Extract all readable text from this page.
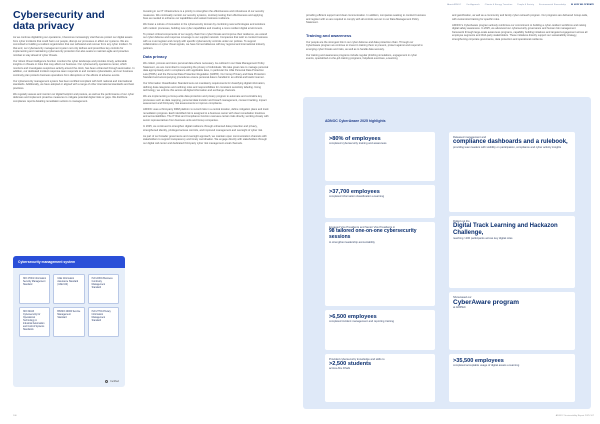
Cybersecurity and
data privacy

As we continue digitalizing our operations, it becomes increasingly vital that we protect our digital assets from cyber incidents that could harm our people, disrupt our processes or affect our systems. We are committed to building a resilient organization that can withstand and recover from any cyber incident. To that end, our cybersecurity management system not only defines and prescribes key controls for implementing and maintaining cybersecurity protection but also seeks to maintain agile and proactive mindset to stay ahead of cyber threats.

Our robust threat intelligence function monitors the cyber landscape and provides timely, actionable insights on threats or risks that may affect our business. Our cybersecurity operations center, which monitors and investigates suspicious activity around the clock, has been enhanced through automation. In addition, our dedicated incident response team responds to and contains cyberattacks, and our business continuity plan protects business operations from disruptions or the effects of adverse events.

Our cybersecurity management system has been certified compliant with both national and international standards. Additionally, we have adopted or aligned with a range of other international standards and best practices.

We regularly assess and monitor our digital footprint and posture, as well as the performance of our cyber defenses and implement proactive measures to mitigate potential digital risks or gaps. We distribute compliance reports detailing remediation actions to management.

Investing in our IT infrastructure is a priority to strengthen the effectiveness and robustness of our security measures. We continually monitor our security systems, routinely testing their effectiveness and applying fixes as needed to enhance our capabilities and sustain business resilience.

We foster a culture of innovation in the cybersecurity domain by combining new technologies and solutions with modern processes, building new cyber capabilities and creating a more resilient digital environment.

To protect critical components of our supply chain from cyber threats and improve their resilience, we extend our cyber defense and response coverage to our supplier network. Companies that wish to conduct business with us must register and comply with specific cybersecurity controls under our policies. To support collaboration on cyber threat signals, we have formed alliances with key regional and international industry partners.

Data privacy

We collect, process and store personal data where necessary. As outlined in our Data Management Policy Statement, we are committed to respecting the privacy of individuals. We take great care to manage personal data appropriately and in compliance with applicable laws, in particular the UAE Personal Data Protection Law (PDPL) and the Personal Data Protection Regulation (GDPR). Our Group Privacy and Data Protection Standard and accompanying procedures ensure personal data is handled in an ethical and lawful manner.

Our Information Classification Standard sets out mandatory requirements for classifying digital information, defining data categories and outlining roles and responsibilities for consistent sensitivity labeling. Using technology, we enforce this across all digital information and exchange channels.

We are implementing a Group-wide data protection and privacy program to automate and centralize key processes such as data mapping, personal data transfer and breach management, consent tracking, impact assessment and third-party risk assessments to improve compliance.

ADNOC uses a third-party DRM platform to record risks in a central location, define mitigation plans and track remediation progress. Each identified risk is assigned to a business owner with clear remediation timelines and accountabilities. The IT Risk and Compliance function oversees certain risks directly, working closely with senior representatives from business units and Group companies.

In 2025, we continued to strengthen digital resilience through enhanced data protection and privacy, strengthened identity, privileged access controls, and improved management and oversight of cyber risk.

As part of our broader governance and oversight approach, we maintain open communication channels with stakeholders to support transparency and timely coordination. We engage directly with stakeholders through our digital call center and dedicated third-party cyber risk management email channels.

Cybersecurity management system
ISO 27001 Information Security Management Standard
UAE Information Assurance Standard (UAE IAS)
ISO 22301 Business Continuity Management Standard
ISO 62443 Cybersecurity for Operational Technology in Industrial Automation and Control Systems Standards
BS/ISO 20000 Service Management Standard
ISO 27701 Privacy Information Management Standard
Certified
106
About ADNOC	Our Approach	Climate & Energy Transition	People & Society	Environmental Stewardship	IN HOW WE OPERATE

providing efficient support and clear communication. In addition, companies seeking to conduct business and register with us are required to comply with all controls set out in our Data Management Policy Statement.

Training and awareness

Our people are the strongest link in our cyber defense and data protection chain. Through our CyberAware program we continue to invest in training them to prevent, protect against and respond to emerging cyber threats and risks, as well as to handle data securely.

Our training and awareness programs include regular phishing simulations, engagement in cyber events, specialized on-the-job training programs, helpdesk exercises, e-learning

and gamification, as well as a community and family cyber outreach program. Our programs are delivered Group-wide, with customized training for specific roles.

ADNOC's CyberAware program actively reinforces our commitment to building a cyber-resilient workforce and raising digital safety awareness. In 2025, we advanced our cybersecurity governance and human risk management framework through large-scale awareness programs, capability building initiatives and targeted engagement across all employee segments and third-party stakeholders. These initiatives directly support our sustainability strategy, strengthening corporate governance, data protection and operational resilience.

ADNOC Sustainability Report 2025 107
ADNOC CyberAware 2025 highlights
>80% of employees
completed cybersecurity training and awareness
>37,700 employees
completed information classification e-learning
Engaged Vice Presidents and Senior Vice Presidents in
98 tailored one-on-one cybersecurity sessions
to strengthen leadership accountability
>6,500 employees
completed incident management and reporting training
Provided cybersecurity knowledge and skills to
>2,500 students
across Abu Dhabi
Released management and
compliance dashboards and a rulebook,
providing team leaders with visibility on participation, compliance and cyber activity insights
Rolled out the
Digital Track Learning and Hackazon Challenge,
reaching >200 participants across key digital roles
Showcased our
CyberAware program
at ADIPEC
>35,500 employees
completed acceptable usage of digital assets e-learning
